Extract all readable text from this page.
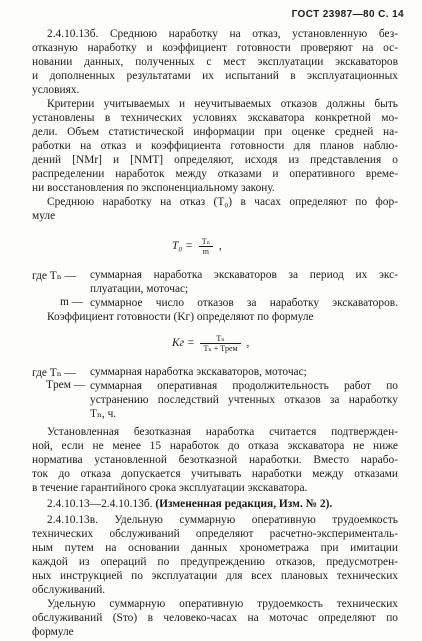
ГОСТ 23987—80 С. 14
2.4.10.13б. Среднюю наработку на отказ, установленную без-
отказную наработку и коэффициент готовности проверяют на ос-
новании данных, полученных с мест эксплуатации экскаваторов
и дополненных результатами их испытаний в эксплуатационных
условиях.
Критерии учитываемых и неучитываемых отказов должны быть
установлены в технических условиях экскаватора конкретной мо-
дели. Объем статистической информации при оценке средней на-
работки на отказ и коэффициента готовности для планов наблю-
дений [NMr] и [NMT] определяют, исходя из представления о
распределении наработок между отказами и оперативного време-
ни восстановления по экспоненциальному закону.
Среднюю наработку на отказ (T₀) в часах определяют по фор-
муле
$T_0 = \frac{\text{Tₙ}}{m}$ ,
где Tₙ — суммарная наработка экскаваторов за период их экс-
плуатации, моточас;
m — суммарное число отказов за наработку экскаваторов.
Коэффициент готовности (Kг) определяют по формуле
Kг = $\frac{\text{Tₙ}}{\text{Tₙ + Tрем}}$ ,
где Tₙ — суммарная наработка экскаваторов, моточас;
Tрем — суммарная оперативная продолжительность работ по
устранению последствий учтенных отказов за наработку
Tₙ, ч.
Установленная безотказная наработка считается подтвержден-
ной, если не менее 15 наработок до отказа экскаватора не ниже
норматива установленной безотказной наработки. Вместо нарабо-
ток до отказа допускается учитывать наработки между отказами
в течение гарантийного срока эксплуатации экскаватора.
2.4.10.13—2.4.10.13б. (Измененная редакция, Изм. № 2).
2.4.10.13в. Удельную суммарную оперативную трудоемкость
технических обслуживаний определяют расчетно-эксперименталь-
ным путем на основании данных хронометража при имитации
каждой из операций по предупреждению отказов, предусмотрен-
ных инструкцией по эксплуатации для всех плановых технических
обслуживаний.
Удельную суммарную оперативную трудоемкость технических
обслуживаний (Sто) в человеко-часах на моточас определяют по
формуле
